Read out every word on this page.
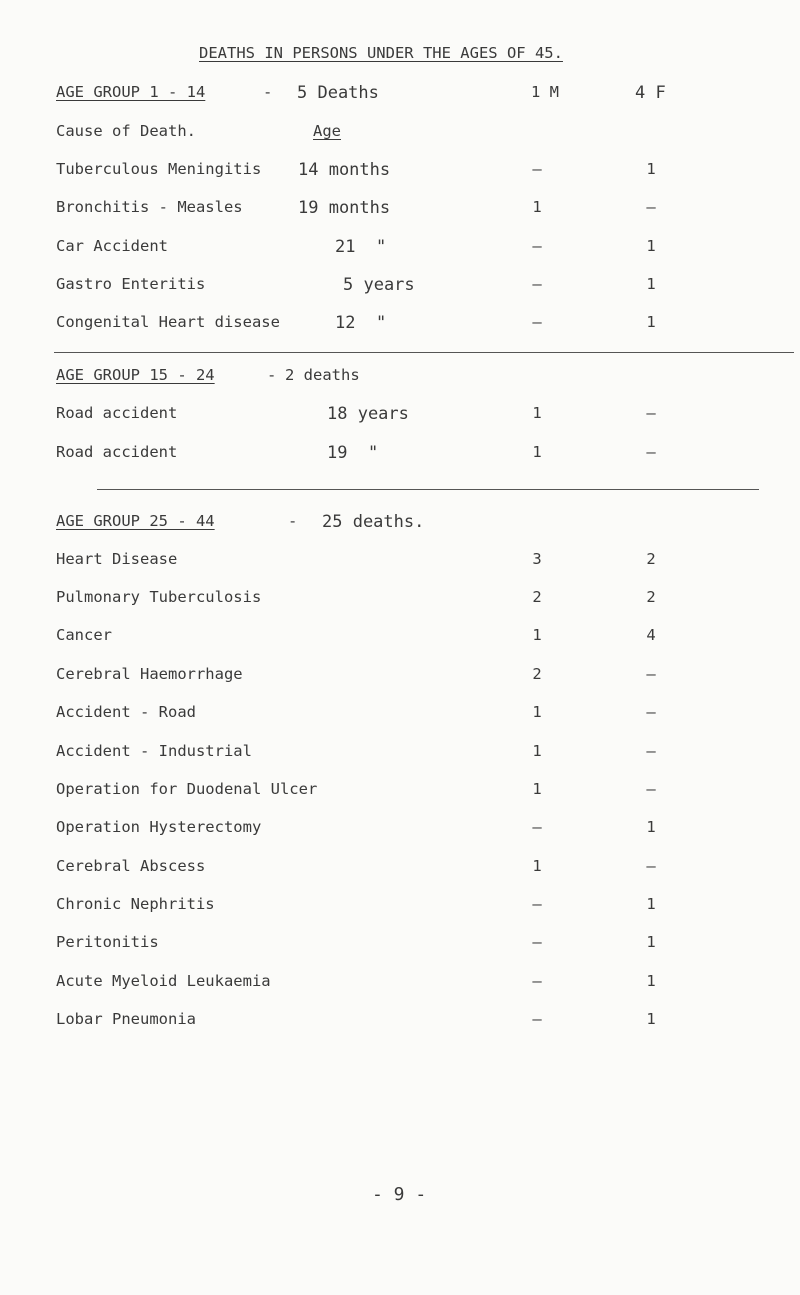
DEATHS IN PERSONS UNDER THE AGES OF 45.
AGE GROUP 1 - 14	- 5 Deaths	1 M	4 F
Cause of Death.	Age
Tuberculous Meningitis 14 months	–	1
Bronchitis - Measles	19 months	1	–
Car Accident	21  "	–	1
Gastro Enteritis	5 years	–	1
Congenital Heart disease	12  "	–	1
AGE GROUP 15 - 24	- 2 deaths
Road accident	18 years	1	–
Road accident	19  "	1	–
AGE GROUP 25 - 44	- 25 deaths.
Heart Disease	3	2
Pulmonary Tuberculosis	2	2
Cancer	1	4
Cerebral Haemorrhage	2	–
Accident - Road	1	–
Accident - Industrial	1	–
Operation for Duodenal Ulcer	1	–
Operation Hysterectomy	–	1
Cerebral Abscess	1	–
Chronic Nephritis	–	1
Peritonitis	–	1
Acute Myeloid Leukaemia	–	1
Lobar Pneumonia	–	1
- 9 -
